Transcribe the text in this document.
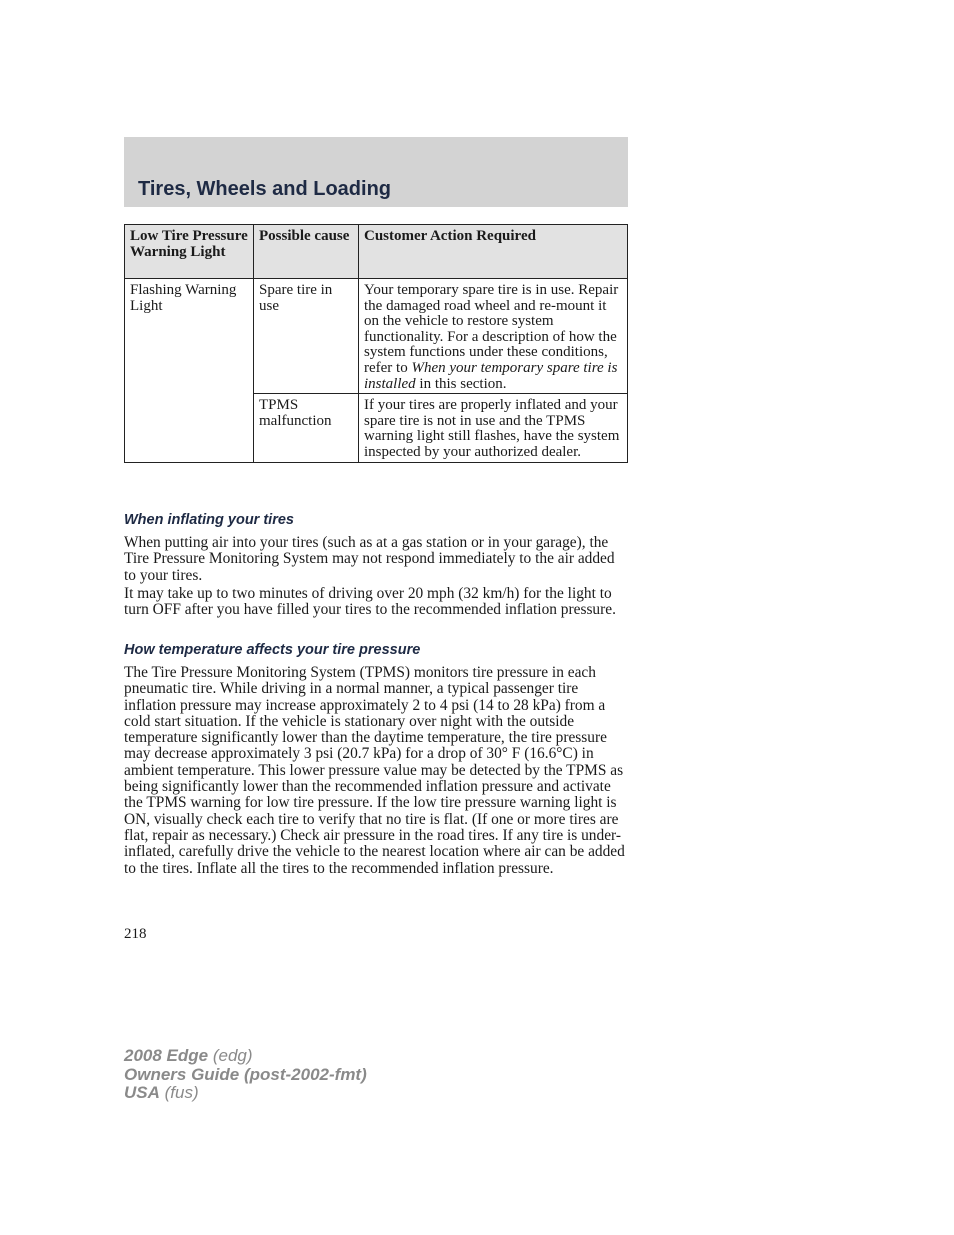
Tires, Wheels and Loading
Low Tire Pressure Warning Light	Possible cause	Customer Action Required
Flashing Warning Light	Spare tire in use	Your temporary spare tire is in use. Repair the damaged road wheel and re-mount it on the vehicle to restore system functionality. For a description of how the system functions under these conditions, refer to When your temporary spare tire is installed in this section.
	TPMS malfunction	If your tires are properly inflated and your spare tire is not in use and the TPMS warning light still flashes, have the system inspected by your authorized dealer.
When inflating your tires

When putting air into your tires (such as at a gas station or in your garage), the Tire Pressure Monitoring System may not respond immediately to the air added to your tires.

It may take up to two minutes of driving over 20 mph (32 km/h) for the light to turn OFF after you have filled your tires to the recommended inflation pressure.

How temperature affects your tire pressure

The Tire Pressure Monitoring System (TPMS) monitors tire pressure in each pneumatic tire. While driving in a normal manner, a typical passenger tire inflation pressure may increase approximately 2 to 4 psi (14 to 28 kPa) from a cold start situation. If the vehicle is stationary over night with the outside temperature significantly lower than the daytime temperature, the tire pressure may decrease approximately 3 psi (20.7 kPa) for a drop of 30° F (16.6°C) in ambient temperature. This lower pressure value may be detected by the TPMS as being significantly lower than the recommended inflation pressure and activate the TPMS warning for low tire pressure. If the low tire pressure warning light is ON, visually check each tire to verify that no tire is flat. (If one or more tires are flat, repair as necessary.) Check air pressure in the road tires. If any tire is under-inflated, carefully drive the vehicle to the nearest location where air can be added to the tires. Inflate all the tires to the recommended inflation pressure.

218
2008 Edge (edg)
Owners Guide (post-2002-fmt)
USA (fus)
